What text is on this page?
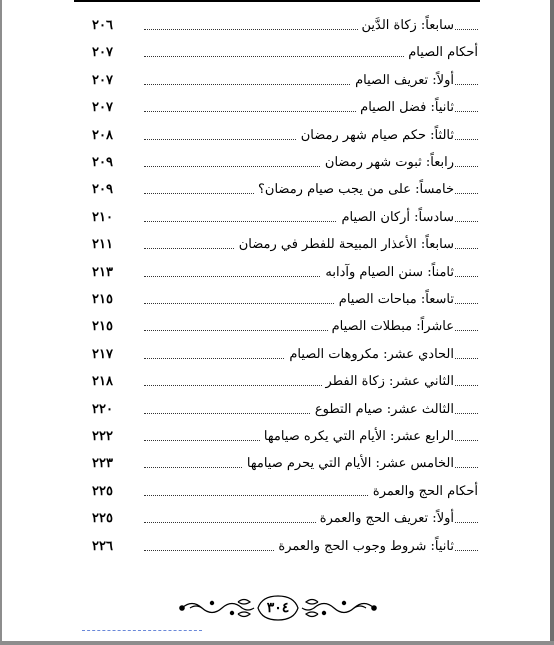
سابعاً: زكاة الدَّين
٢٠٦
أحكام الصيام
٢٠٧
أولاً: تعريف الصيام
٢٠٧
ثانياً: فضل الصيام
٢٠٧
ثالثاً: حكم صيام شهر رمضان
٢٠٨
رابعاً: ثبوت شهر رمضان
٢٠٩
خامساً: على من يجب صيام رمضان؟
٢٠٩
سادساً: أركان الصيام
٢١٠
سابعاً: الأعذار المبيحة للفطر في رمضان
٢١١
ثامناً: سنن الصيام وآدابه
٢١٣
تاسعاً: مباحات الصيام
٢١٥
عاشراً: مبطلات الصيام
٢١٥
الحادي عشر: مكروهات الصيام
٢١٧
الثاني عشر: زكاة الفطر
٢١٨
الثالث عشر: صيام التطوع
٢٢٠
الرابع عشر: الأيام التي يكره صيامها
٢٢٢
الخامس عشر: الأيام التي يحرم صيامها
٢٢٣
أحكام الحج والعمرة
٢٢٥
أولاً: تعريف الحج والعمرة
٢٢٥
ثانياً: شروط وجوب الحج والعمرة
٢٢٦
٣٠٤
